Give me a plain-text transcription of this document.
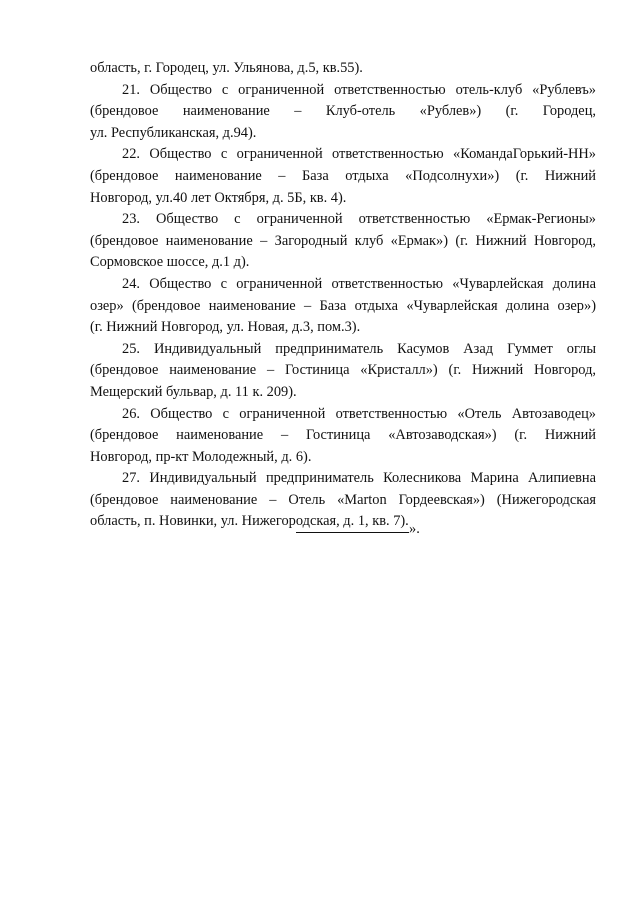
область, г. Городец, ул. Ульянова, д.5, кв.55).

21. Общество с ограниченной ответственностью отель-клуб «Рублевъ»
(брендовое наименование – Клуб-отель «Рублев») (г. Городец,
ул. Республиканская, д.94).

22. Общество с ограниченной ответственностью «КомандаГорький-НН»
(брендовое наименование – База отдыха «Подсолнухи») (г. Нижний
Новгород, ул.40 лет Октября, д. 5Б, кв. 4).

23. Общество с ограниченной ответственностью «Ермак-Регионы»
(брендовое наименование – Загородный клуб «Ермак») (г. Нижний Новгород,
Сормовское шоссе, д.1 д).

24. Общество с ограниченной ответственностью «Чуварлейская долина
озер» (брендовое наименование – База отдыха «Чуварлейская долина озер»)
(г. Нижний Новгород, ул. Новая, д.3, пом.3).

25. Индивидуальный предприниматель Касумов Азад Гуммет оглы
(брендовое наименование – Гостиница «Кристалл») (г. Нижний Новгород,
Мещерский бульвар, д. 11 к. 209).

26. Общество с ограниченной ответственностью «Отель Автозаводец»
(брендовое наименование – Гостиница «Автозаводская») (г. Нижний
Новгород, пр-кт Молодежный, д. 6).

27. Индивидуальный предприниматель Колесникова Марина Алипиевна
(брендовое наименование – Отель «Marton Гордеевская») (Нижегородская
область, п. Новинки, ул. Нижегородская, д. 1, кв. 7). ».
